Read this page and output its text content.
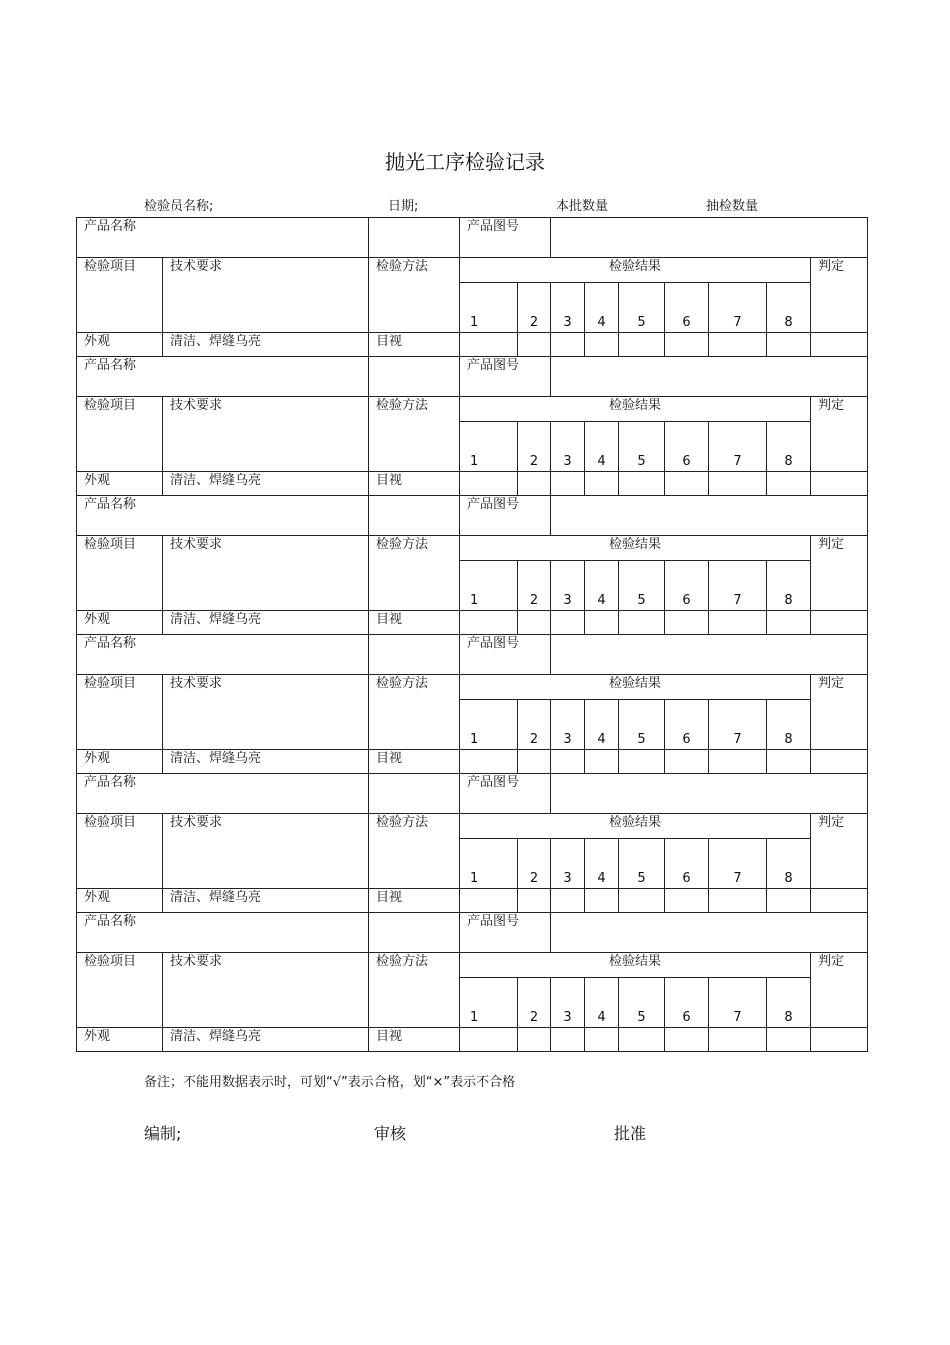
抛光工序检验记录
检验员名称;	日期;	本批数量	抽检数量
产品名称			产品图号								
检验项目	技术要求	检验方法	检验结果								判定
			1	2	3	4	5	6	7	8	
外观	清洁、焊缝乌亮	目视									
产品名称			产品图号								
检验项目	技术要求	检验方法	检验结果								判定
			1	2	3	4	5	6	7	8	
外观	清洁、焊缝乌亮	目视									
产品名称			产品图号								
检验项目	技术要求	检验方法	检验结果								判定
			1	2	3	4	5	6	7	8	
外观	清洁、焊缝乌亮	目视									
产品名称			产品图号								
检验项目	技术要求	检验方法	检验结果								判定
			1	2	3	4	5	6	7	8	
外观	清洁、焊缝乌亮	目视									
产品名称			产品图号								
检验项目	技术要求	检验方法	检验结果								判定
			1	2	3	4	5	6	7	8	
外观	清洁、焊缝乌亮	目视									
产品名称			产品图号								
检验项目	技术要求	检验方法	检验结果								判定
			1	2	3	4	5	6	7	8	
外观	清洁、焊缝乌亮	目视									
备注；不能用数据表示时，可划“√”表示合格，划“×”表示不合格
编制;	审核	批准
